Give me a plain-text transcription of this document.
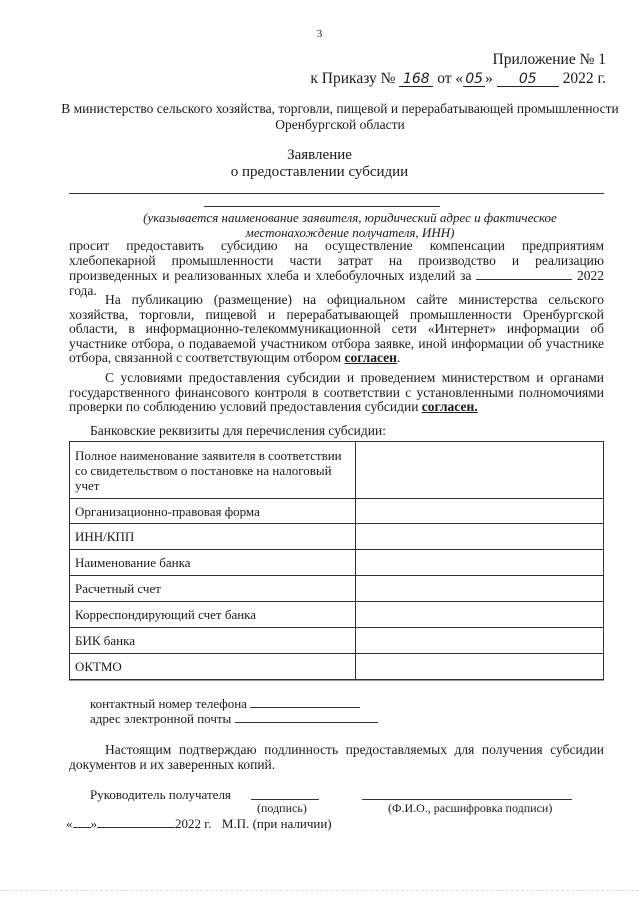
3
Приложение № 1
к Приказу № 168 от « 05 » 05 2022 г.
В министерство сельского хозяйства, торговли, пищевой и перерабатывающей промышленности Оренбургской области
Заявление
о предоставлении субсидии
(указывается наименование заявителя, юридический адрес и фактическое местонахождение получателя, ИНН)
просит предоставить субсидию на осуществление компенсации предприятиям хлебопекарной промышленности части затрат на производство и реализацию произведенных и реализованных хлеба и хлебобулочных изделий за	2022 года.
На публикацию (размещение) на официальном сайте министерства сельского хозяйства, торговли, пищевой и перерабатывающей промышленности Оренбургской области, в информационно-телекоммуникационной сети «Интернет» информации об участнике отбора, о подаваемой участником отбора заявке, иной информации об участнике отбора, связанной с соответствующим отбором согласен.
С условиями предоставления субсидии и проведением министерством и органами государственного финансового контроля в соответствии с установленными полномочиями проверки по соблюдению условий предоставления субсидии согласен.
Банковские реквизиты для перечисления субсидии:
Полное наименование заявителя в соответствии со свидетельством о постановке на налоговый учет	
Организационно-правовая форма	
ИНН/КПП	
Наименование банка	
Расчетный счет	
Корреспондирующий счет банка	
БИК банка	
ОКТМО	
контактный номер телефона
адрес электронной почты
Настоящим подтверждаю подлинность предоставляемых для получения субсидии документов и их заверенных копий.
Руководитель получателя
(подпись)	(Ф.И.О., расшифровка подписи)
« »	2022 г. М.П. (при наличии)
